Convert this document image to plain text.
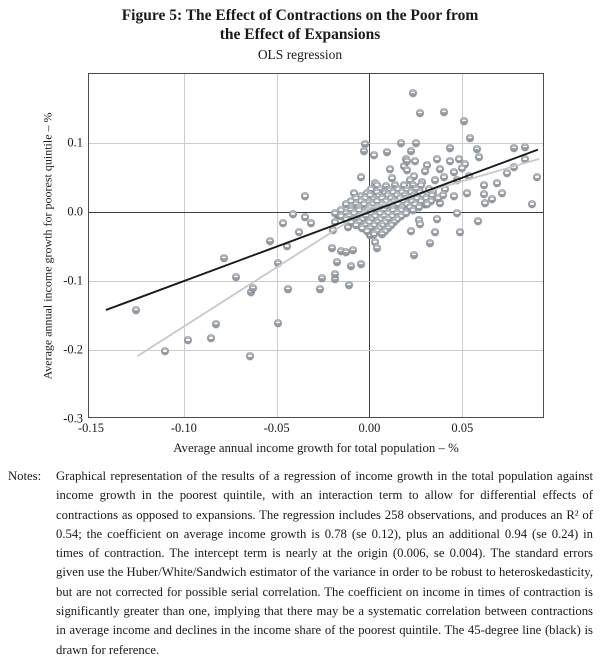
Figure 5: The Effect of Contractions on the Poor from
the Effect of Expansions
OLS regression
Average annual income growth for poorest quintile – %
-0.15	-0.10	-0.05	0.00	0.05
0.1
0.0
-0.1
-0.2
-0.3
Average annual income growth for total population – %
Notes: Graphical representation of the results of a regression of income growth in the total population against income growth in the poorest quintile, with an interaction term to allow for differential effects of contractions as opposed to expansions. The regression includes 258 observations, and produces an R² of 0.54; the coefficient on average income growth is 0.78 (se 0.12), plus an additional 0.94 (se 0.24) in times of contraction. The intercept term is nearly at the origin (0.006, se 0.004). The standard errors given use the Huber/White/Sandwich estimator of the variance in order to be robust to heteroskedasticity, but are not corrected for possible serial correlation. The coefficient on income in times of contraction is significantly greater than one, implying that there may be a systematic correlation between contractions in average income and declines in the income share of the poorest quintile. The 45-degree line (black) is drawn for reference.
